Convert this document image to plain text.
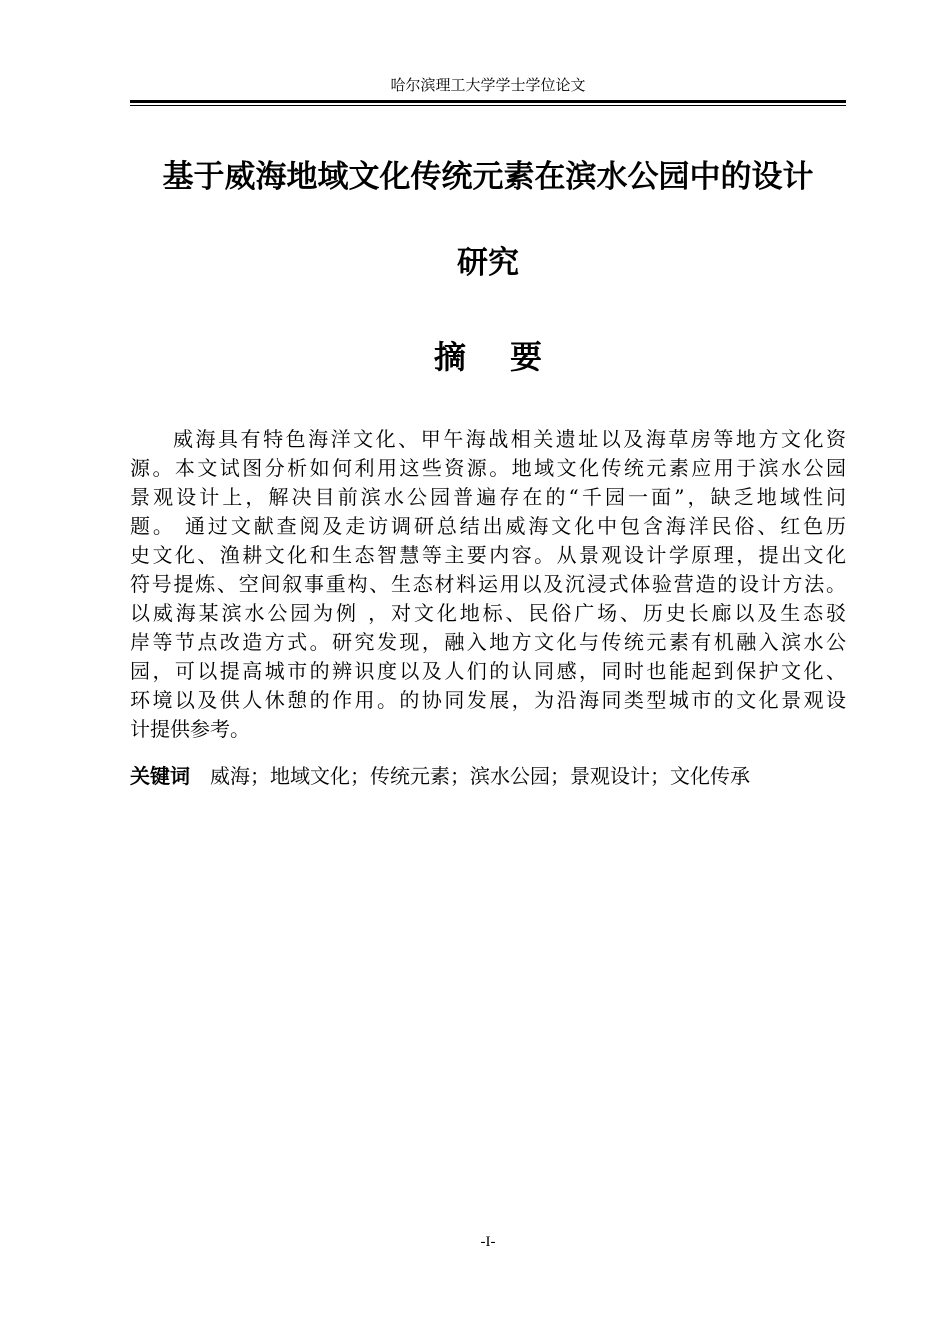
哈尔滨理工大学学士学位论文
基于威海地域文化传统元素在滨水公园中的设计
研究
摘要
威海具有特色海洋文化、甲午海战相关遗址以及海草房等地方文化资
源。本文试图分析如何利用这些资源。地域文化传统元素应用于滨水公园
景观设计上，解决目前滨水公园普遍存在的“千园一面”，缺乏地域性问
题。 通过文献查阅及走访调研总结出威海文化中包含海洋民俗、红色历
史文化、渔耕文化和生态智慧等主要内容。从景观设计学原理，提出文化
符号提炼、空间叙事重构、生态材料运用以及沉浸式体验营造的设计方法。
以威海某滨水公园为例 ，对文化地标、民俗广场、历史长廊以及生态驳
岸等节点改造方式。研究发现，融入地方文化与传统元素有机融入滨水公
园，可以提高城市的辨识度以及人们的认同感，同时也能起到保护文化、
环境以及供人休憩的作用。的协同发展，为沿海同类型城市的文化景观设
计提供参考。
关键词 威海；地域文化；传统元素；滨水公园；景观设计；文化传承
-I-
